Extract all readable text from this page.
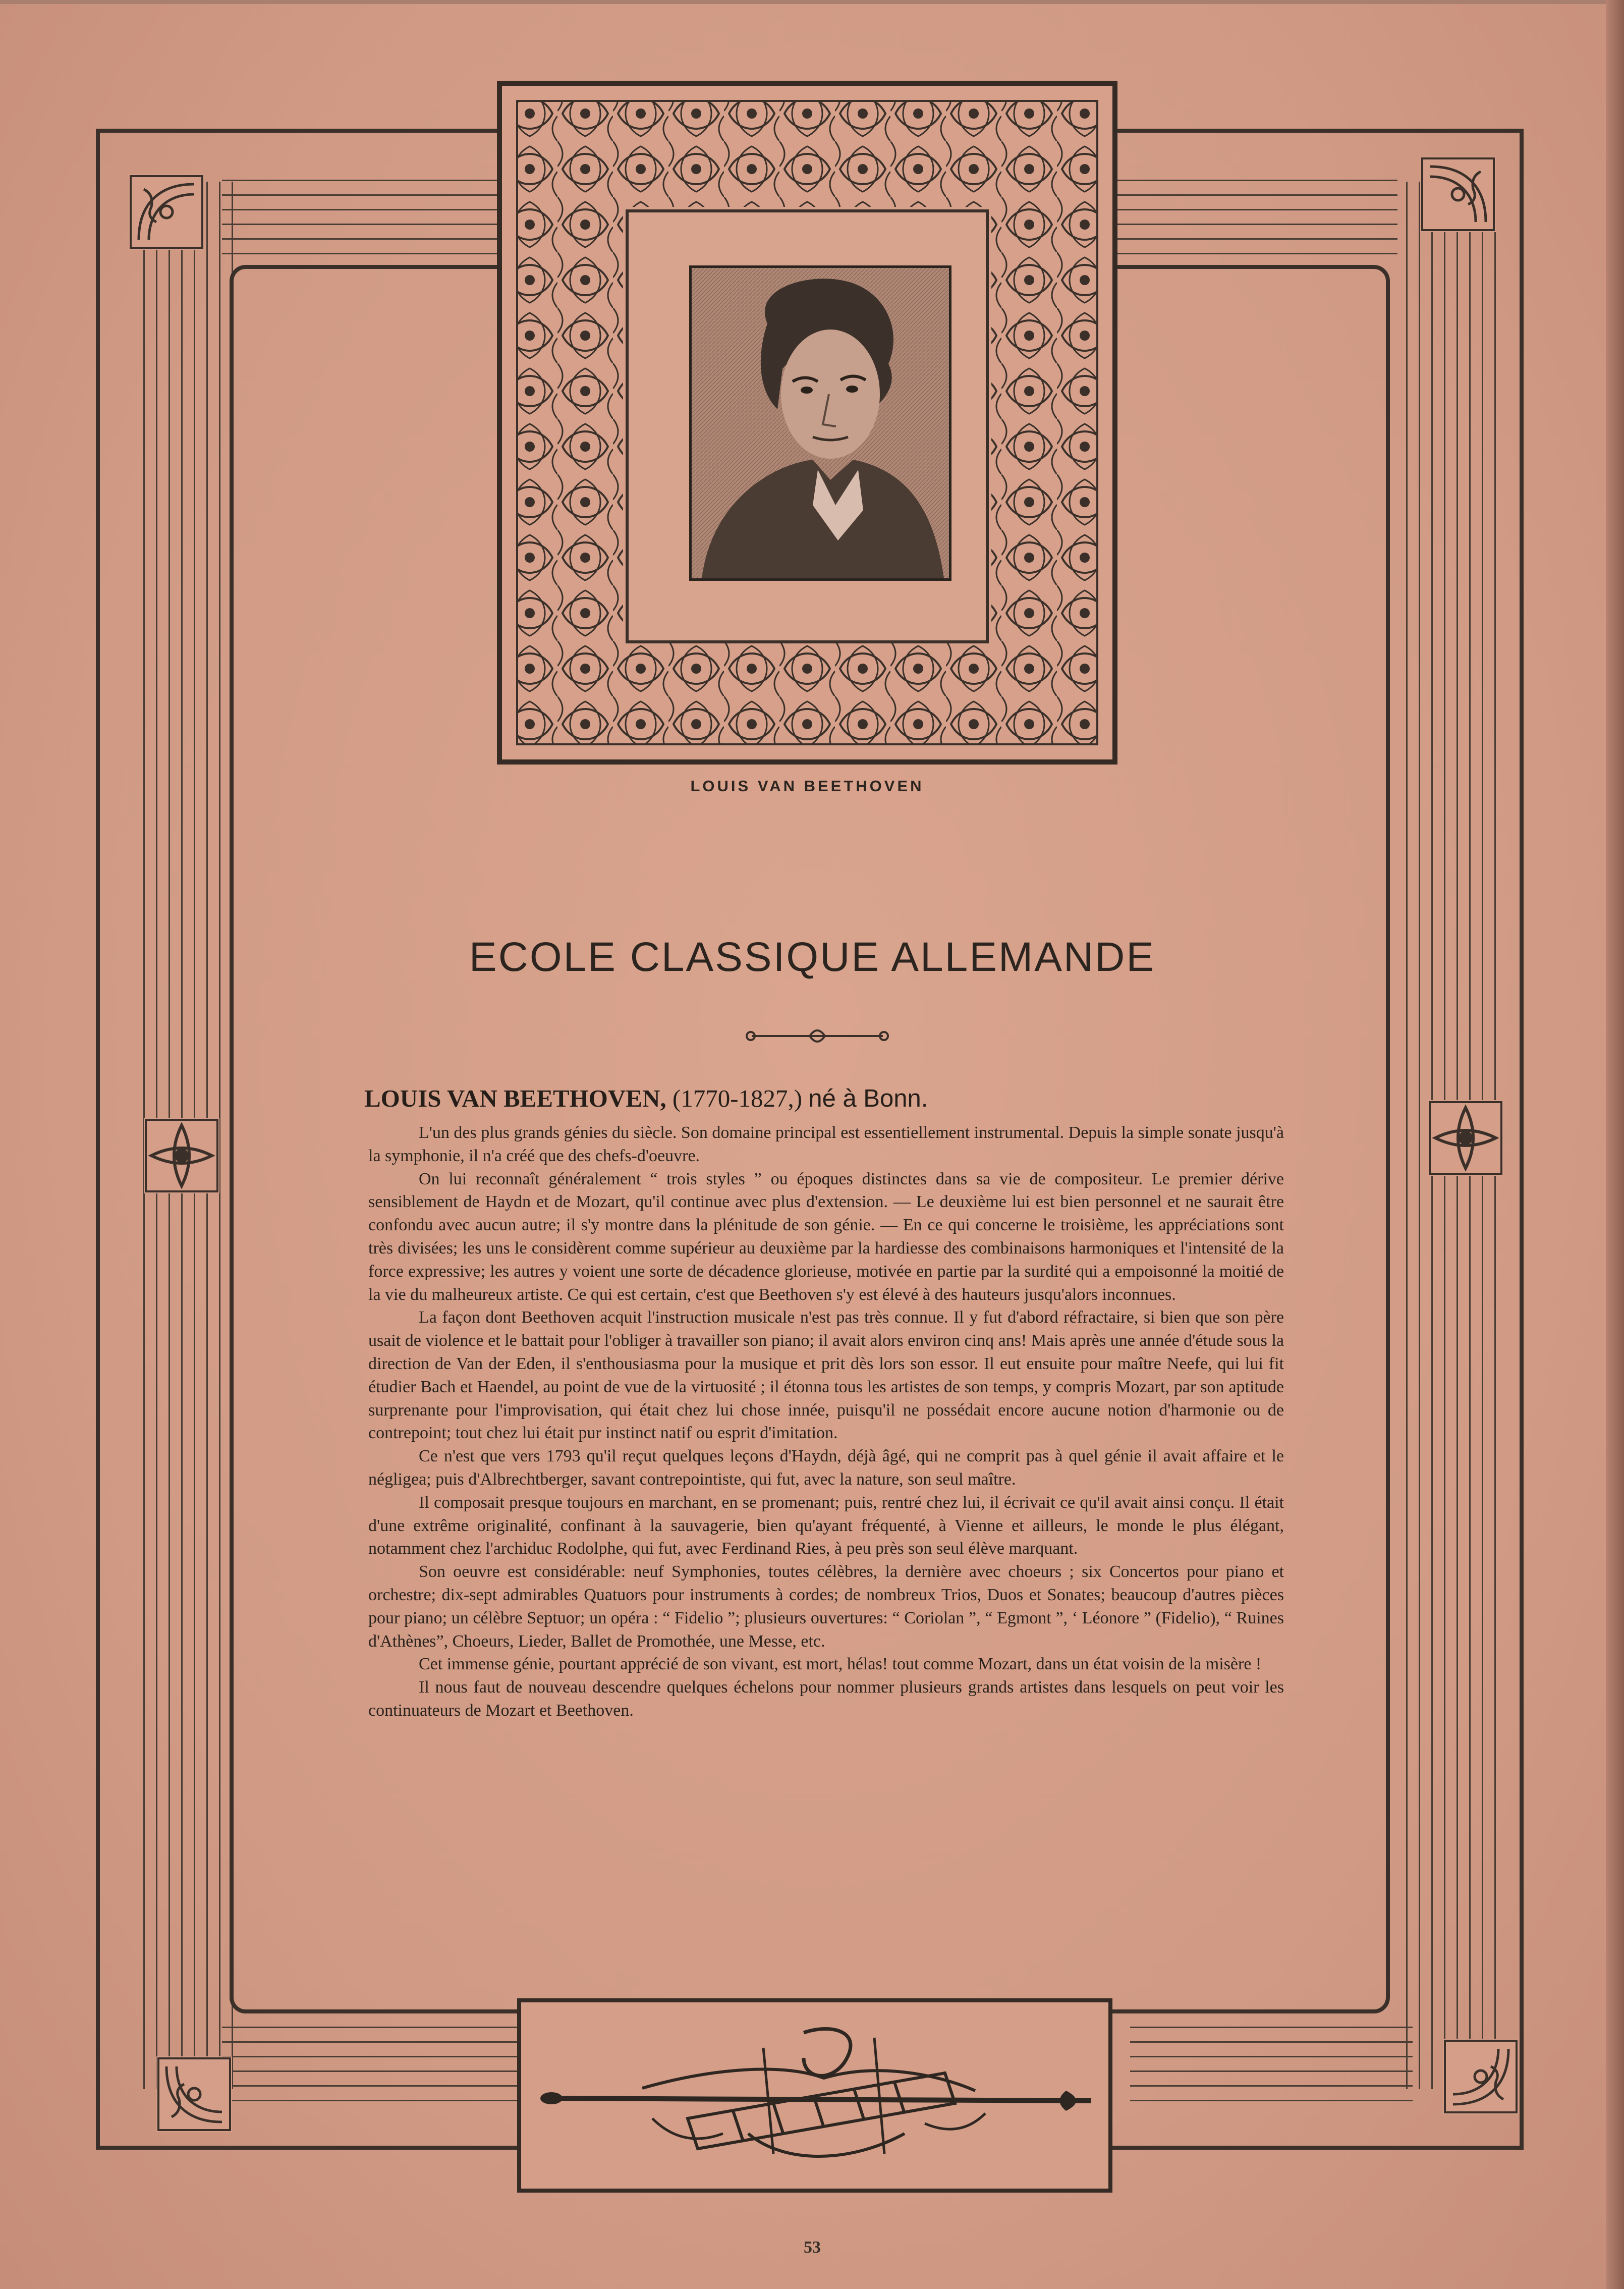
LOUIS VAN BEETHOVEN
ECOLE CLASSIQUE ALLEMANDE
LOUIS VAN BEETHOVEN, (1770-1827,) né à Bonn.

L'un des plus grands génies du siècle. Son domaine principal est essentiellement instrumental. Depuis la simple sonate jusqu'à la symphonie, il n'a créé que des chefs-d'oeuvre.

On lui reconnaît généralement “ trois styles ” ou époques distinctes dans sa vie de compositeur. Le premier dérive sensiblement de Haydn et de Mozart, qu'il continue avec plus d'extension. — Le deuxième lui est bien personnel et ne saurait être confondu avec aucun autre; il s'y montre dans la plénitude de son génie. — En ce qui concerne le troisième, les appréciations sont très divisées; les uns le considèrent comme supérieur au deuxième par la hardiesse des combinaisons harmoniques et l'intensité de la force expressive; les autres y voient une sorte de décadence glorieuse, motivée en partie par la surdité qui a empoisonné la moitié de la vie du malheureux artiste. Ce qui est certain, c'est que Beethoven s'y est élevé à des hauteurs jusqu'alors inconnues.

La façon dont Beethoven acquit l'instruction musicale n'est pas très connue. Il y fut d'abord réfractaire, si bien que son père usait de violence et le battait pour l'obliger à travailler son piano; il avait alors environ cinq ans! Mais après une année d'étude sous la direction de Van der Eden, il s'enthousiasma pour la musique et prit dès lors son essor. Il eut ensuite pour maître Neefe, qui lui fit étudier Bach et Haendel, au point de vue de la virtuosité ; il étonna tous les artistes de son temps, y compris Mozart, par son aptitude surprenante pour l'improvisation, qui était chez lui chose innée, puisqu'il ne possédait encore aucune notion d'harmonie ou de contrepoint; tout chez lui était pur instinct natif ou esprit d'imitation.

Ce n'est que vers 1793 qu'il reçut quelques leçons d'Haydn, déjà âgé, qui ne comprit pas à quel génie il avait affaire et le négligea; puis d'Albrechtberger, savant contrepointiste, qui fut, avec la nature, son seul maître.

Il composait presque toujours en marchant, en se promenant; puis, rentré chez lui, il écrivait ce qu'il avait ainsi conçu. Il était d'une extrême originalité, confinant à la sauvagerie, bien qu'ayant fréquenté, à Vienne et ailleurs, le monde le plus élégant, notamment chez l'archiduc Rodolphe, qui fut, avec Ferdinand Ries, à peu près son seul élève marquant.

Son oeuvre est considérable: neuf Symphonies, toutes célèbres, la dernière avec choeurs ; six Concertos pour piano et orchestre; dix-sept admirables Quatuors pour instruments à cordes; de nombreux Trios, Duos et Sonates; beaucoup d'autres pièces pour piano; un célèbre Septuor; un opéra : “ Fidelio ”; plusieurs ouvertures: “ Coriolan ”, “ Egmont ”, ‘ Léonore ” (Fidelio), “ Ruines d'Athènes”, Choeurs, Lieder, Ballet de Promothée, une Messe, etc.

Cet immense génie, pourtant apprécié de son vivant, est mort, hélas! tout comme Mozart, dans un état voisin de la misère !

Il nous faut de nouveau descendre quelques échelons pour nommer plusieurs grands artistes dans lesquels on peut voir les continuateurs de Mozart et Beethoven.

53
